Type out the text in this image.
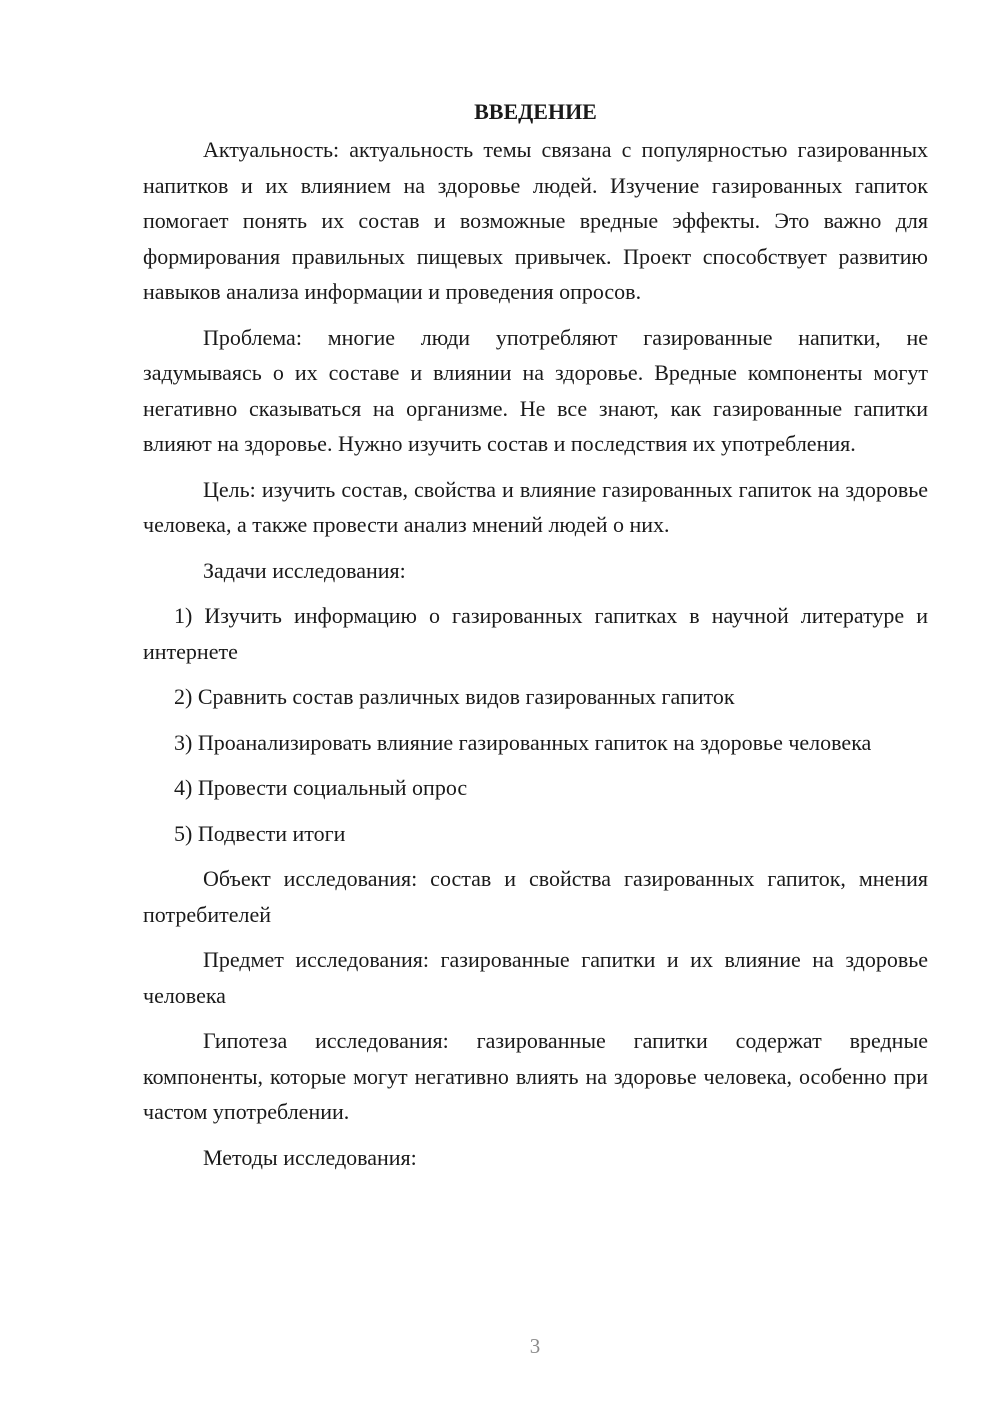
ВВЕДЕНИЕ

Актуальность: актуальность темы связана с популярностью газированных напитков и их влиянием на здоровье людей. Изучение газированных гапиток помогает понять их состав и возможные вредные эффекты. Это важно для формирования правильных пищевых привычек. Проект способствует развитию навыков анализа информации и проведения опросов.

Проблема: многие люди употребляют газированные напитки, не задумываясь о их составе и влиянии на здоровье. Вредные компоненты могут негативно сказываться на организме. Не все знают, как газированные гапитки влияют на здоровье. Нужно изучить состав и последствия их употребления.

Цель: изучить состав, свойства и влияние газированных гапиток на здоровье человека, а также провести анализ мнений людей о них.

Задачи исследования:

1) Изучить информацию о газированных гапитках в научной литературе и интернете

2) Сравнить состав различных видов газированных гапиток

3) Проанализировать влияние газированных гапиток на здоровье человека

4) Провести социальный опрос

5) Подвести итоги

Объект исследования: состав и свойства газированных гапиток, мнения потребителей

Предмет исследования: газированные гапитки и их влияние на здоровье человека

Гипотеза исследования: газированные гапитки содержат вредные компоненты, которые могут негативно влиять на здоровье человека, особенно при частом употреблении.

Методы исследования:

3
